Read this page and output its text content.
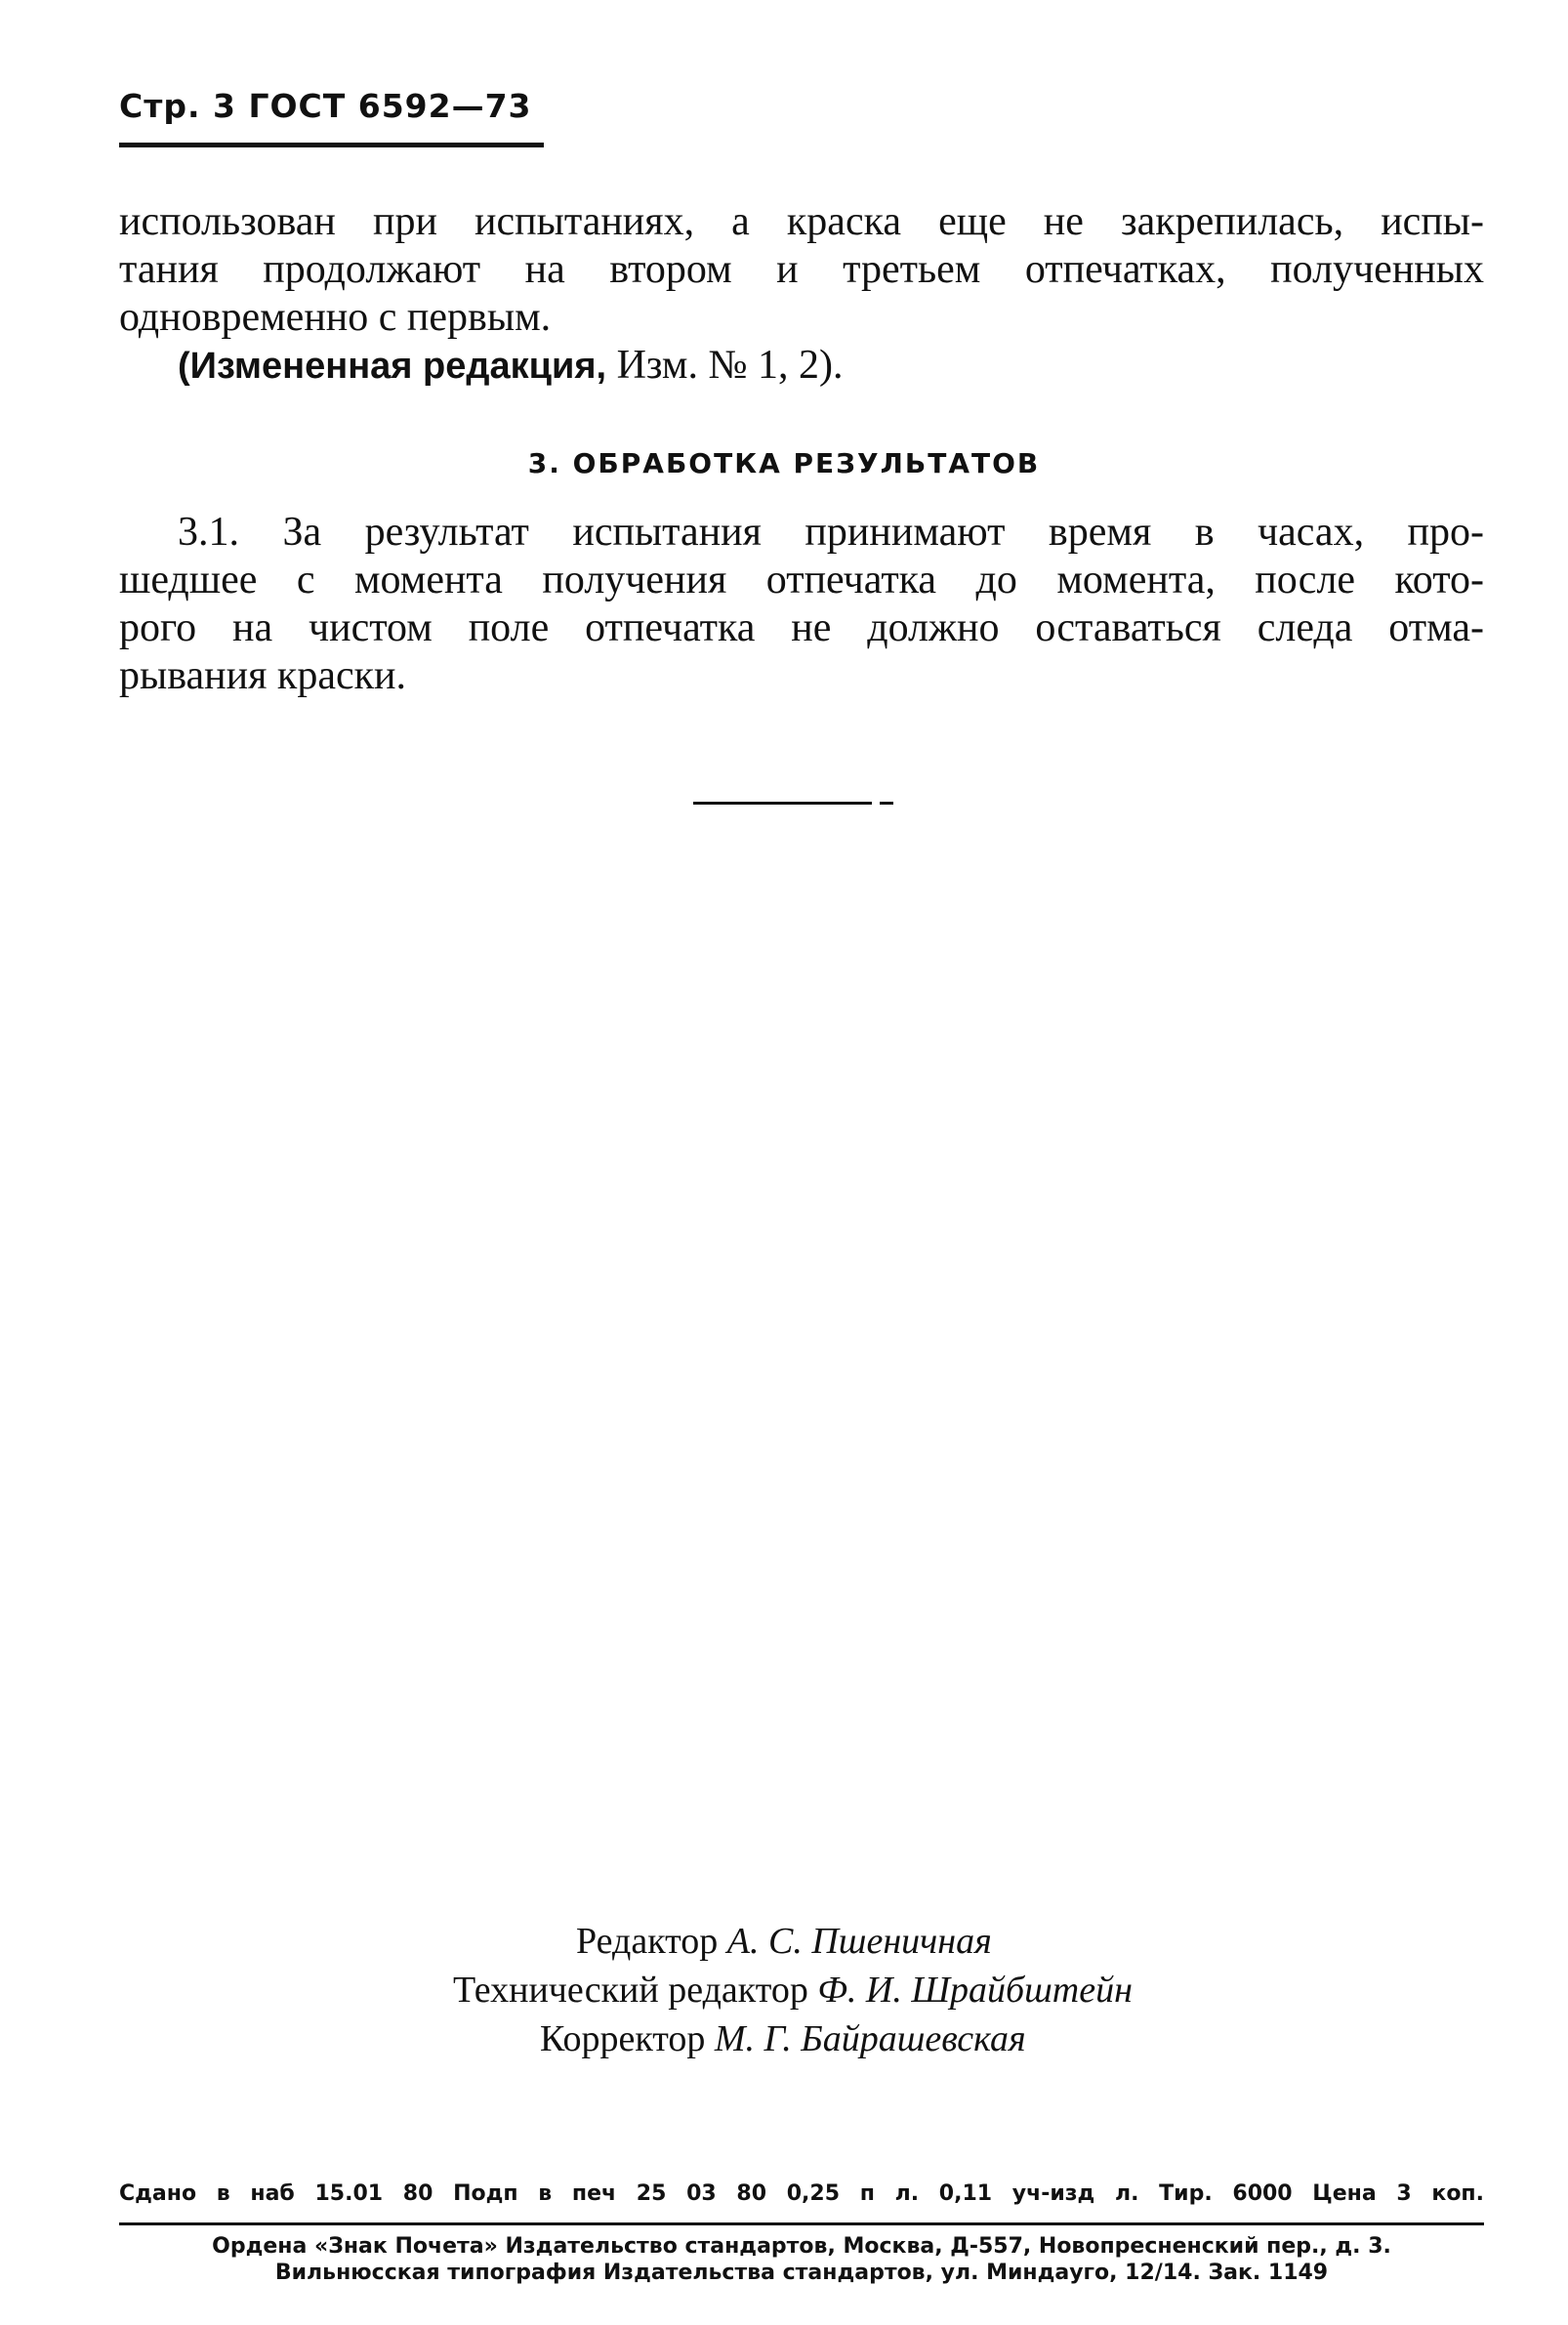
Стр. 3 ГОСТ 6592—73
использован при испытаниях, а краска еще не закрепилась, испы-
тания продолжают на втором и третьем отпечатках, полученных
одновременно с первым.
(Измененная редакция, Изм. № 1, 2).
3. ОБРАБОТКА РЕЗУЛЬТАТОВ
3.1. За результат испытания принимают время в часах, про-
шедшее с момента получения отпечатка до момента, после кото-
рого на чистом поле отпечатка не должно оставаться следа отма-
рывания краски.
Редактор А. С. Пшеничная
Технический редактор Ф. И. Шрайбштейн
Корректор М. Г. Байрашевская
Сдано в наб 15.01 80 Подп в печ 25 03 80 0,25 п л. 0,11 уч-изд л. Тир. 6000 Цена 3 коп.
Ордена «Знак Почета» Издательство стандартов, Москва, Д-557, Новопресненский пер., д. 3.
Вильнюсская типография Издательства стандартов, ул. Миндауго, 12/14. Зак. 1149
